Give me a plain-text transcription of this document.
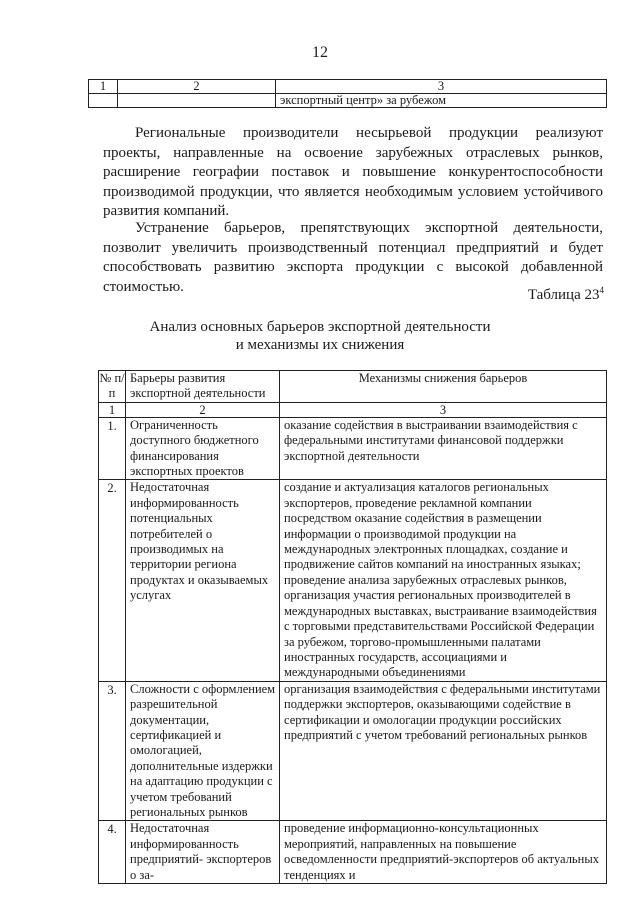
12
1	2	3
		экспортный центр» за рубежом

Региональные производители несырьевой продукции реализуют проекты, направленные на освоение зарубежных отраслевых рынков, расширение географии поставок и повышение конкурентоспособности производимой продукции, что является необходимым условием устойчивого развития компаний.

Устранение барьеров, препятствующих экспортной деятельности, позволит увеличить производственный потенциал предприятий и будет способствовать развитию экспорта продукции с высокой добавленной стоимостью.

Таблица $23^4$
Анализ основных барьеров экспортной деятельности
и механизмы их снижения
№ п/п	Барьеры развития экспортной деятельности	Механизмы снижения барьеров
1	2	3
1.	Ограниченность доступного бюджетного финансирования экспортных проектов	оказание содействия в выстраивании взаимодействия с федеральными институтами финансовой поддержки экспортной деятельности
2.	Недостаточная информированность потенциальных потребителей о производимых на территории региона продуктах и оказываемых услугах	создание и актуализация каталогов региональных экспортеров, проведение рекламной компании посредством оказание содействия в размещении информации о производимой продукции на международных электронных площадках, создание и продвижение сайтов компаний на иностранных языках;
проведение анализа зарубежных отраслевых рынков, организация участия региональных производителей в международных выставках, выстраивание взаимодействия с торговыми представительствами Российской Федерации за рубежом, торгово-промышленными палатами иностранных государств, ассоциациями и международными объединениями
3.	Сложности с оформлением разрешительной документации, сертификацией и омологацией, дополнительные издержки на адаптацию продукции с учетом требований региональных рынков	организация взаимодействия с федеральными институтами поддержки экспортеров, оказывающими содействие в сертификации и омологации продукции российских предприятий с учетом требований региональных рынков
4.	Недостаточная информированность предприятий- экспортеров о за-	проведение информационно-консультационных мероприятий, направленных на повышение осведомленности предприятий-экспортеров об актуальных тенденциях и
